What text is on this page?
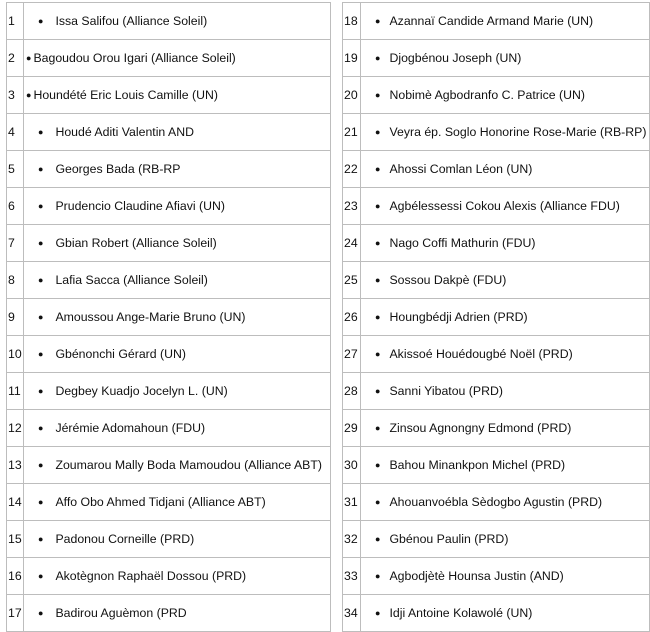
1	● Issa Salifou (Alliance Soleil)
2	● Bagoudou Orou Igari (Alliance Soleil)
3	● Houndété Eric Louis Camille (UN)
4	● Houdé Aditi Valentin AND
5	● Georges Bada (RB-RP
6	● Prudencio Claudine Afiavi (UN)
7	● Gbian Robert (Alliance Soleil)
8	● Lafia Sacca (Alliance Soleil)
9	● Amoussou Ange-Marie Bruno (UN)
10	● Gbénonchi Gérard (UN)
11	● Degbey Kuadjo Jocelyn L. (UN)
12	● Jérémie Adomahoun (FDU)
13	● Zoumarou Mally Boda Mamoudou (Alliance ABT)
14	● Affo Obo Ahmed Tidjani (Alliance ABT)
15	● Padonou Corneille (PRD)
16	● Akotègnon Raphaël Dossou (PRD)
17	● Badirou Aguèmon (PRD
18	● Azannaï Candide Armand Marie (UN)
19	● Djogbénou Joseph (UN)
20	● Nobimè Agbodranfo C. Patrice (UN)
21	● Veyra ép. Soglo Honorine Rose-Marie (RB-RP)
22	● Ahossi Comlan Léon (UN)
23	● Agbélessessi Cokou Alexis (Alliance FDU)
24	● Nago Coffi Mathurin (FDU)
25	● Sossou Dakpè (FDU)
26	● Houngbédji Adrien (PRD)
27	● Akissoé Houédougbé Noël (PRD)
28	● Sanni Yibatou (PRD)
29	● Zinsou Agnongny Edmond (PRD)
30	● Bahou Minankpon Michel (PRD)
31	● Ahouanvoébla Sèdogbo Agustin (PRD)
32	● Gbénou Paulin (PRD)
33	● Agbodjètè Hounsa Justin (AND)
34	● Idji Antoine Kolawolé (UN)
